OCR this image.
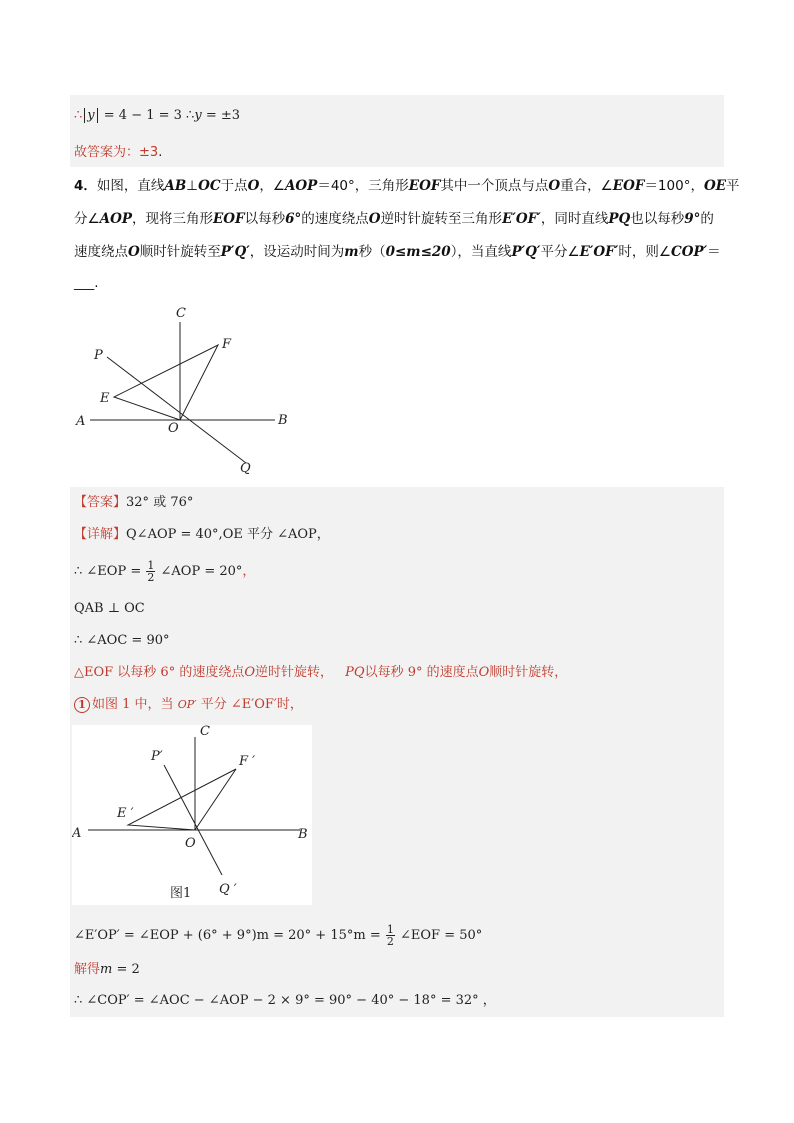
∴ y = 4 − 1 = 3 ∴y = ±3
故答案为：±3.
4．如图，直线AB⊥OC于点O，∠AOP＝40°，三角形EOF其中一个顶点与点O重合，∠EOF＝100°，OE平
分∠AOP，现将三角形EOF以每秒6°的速度绕点O逆时针旋转至三角形E′OF′，同时直线PQ也以每秒9°的
速度绕点O顺时针旋转至P′Q′，设运动时间为m秒（0≤m≤20），当直线P′Q′平分∠E′OF′时，则∠COP′＝
___.
C
P
F
E
A	O
B
Q
【答案】32° 或 76°
【详解】Q∠AOP = 40°,OE 平分 ∠AOP，
∴ ∠EOP = $\frac{1}{2}$ ∠AOP = 20°，
QAB ⊥ OC
∴ ∠AOC = 90°
△EOF 以每秒 6° 的速度绕点O逆时针旋转， PQ以每秒 9° 的速度点O顺时针旋转，
1 如图 1 中，当 OP′ 平分 ∠E′OF′时，
C
P′	F ′
E ′
A
O
B
Q ′
图1
∠E′OP′ = ∠EOP + $(6^\circ + 9^\circ)m = 20^\circ + 15^\circ m = \frac{1}{2}$ ∠EOF = 50°
解得m = 2
∴ ∠COP′ = ∠AOC − ∠AOP − 2 × 9° = 90° − 40° − 18° = 32° ，
